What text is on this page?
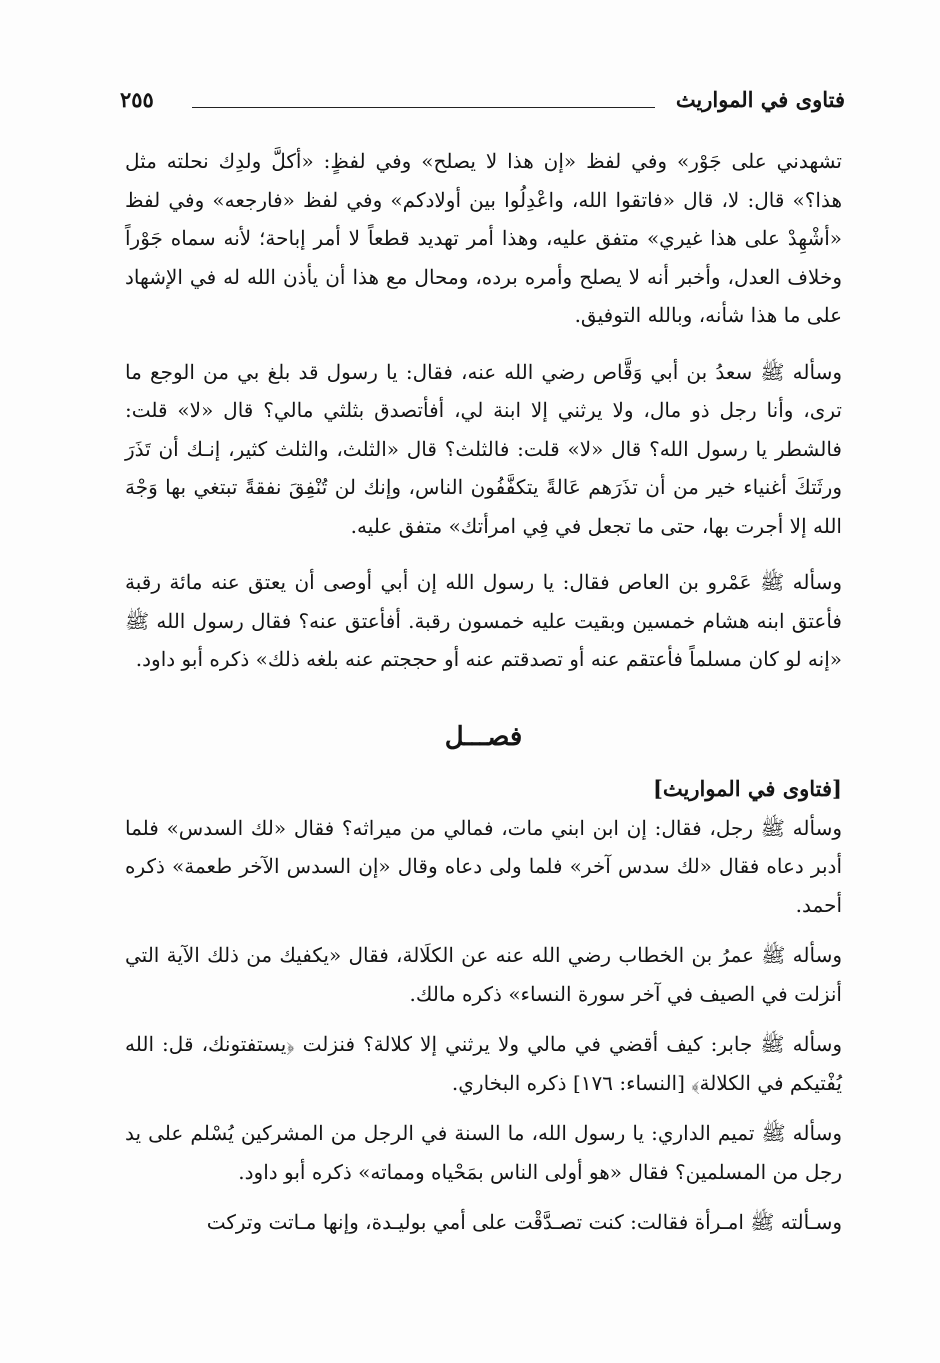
فتاوى في المواريث
٢٥٥

تشهدني على جَوْر» وفي لفظ «إن هذا لا يصلح» وفي لفظٍ: «أكلَّ ولدِك نحلته مثل هذا؟» قال: لا، قال «فاتقوا الله، واعْدِلُوا بين أولادكم» وفي لفظ «فارجعه» وفي لفظ «أشْهِدْ على هذا غيري» متفق عليه، وهذا أمر تهديد قطعاً لا أمر إباحة؛ لأنه سماه جَوْراً وخلاف العدل، وأخبر أنه لا يصلح وأمره برده، ومحال مع هذا أن يأذن الله له في الإشهاد على ما هذا شأنه، وبالله التوفيق.

وسأله ﷺ سعدُ بن أبي وَقَّاص رضي الله عنه، فقال: يا رسول قد بلغ بي من الوجع ما ترى، وأنا رجل ذو مال، ولا يرثني إلا ابنة لي، أفأتصدق بثلثي مالي؟ قال «لا» قلت: فالشطر يا رسول الله؟ قال «لا» قلت: فالثلث؟ قال «الثلث، والثلث كثير، إنـك أن تَذَرَ ورثَتكَ أغنياء خير من أن تذَرَهم عَالةً يتكفَّفُون الناس، وإنك لن تُنْفِقَ نفقةً تبتغي بها وَجْهَ الله إلا أجرت بها، حتى ما تجعل في فِي امرأتك» متفق عليه.

وسأله ﷺ عَمْرو بن العاص فقال: يا رسول الله إن أبي أوصى أن يعتق عنه مائة رقبة فأعتق ابنه هشام خمسين وبقيت عليه خمسون رقبة. أفأعتق عنه؟ فقال رسول الله ﷺ «إنه لو كان مسلماً فأعتقم عنه أو تصدقتم عنه أو حججتم عنه بلغه ذلك» ذكره أبو داود.

فصـــل
[فتاوى في المواريث]

وسأله ﷺ رجل، فقال: إن ابن ابني مات، فمالي من ميراثه؟ فقال «لك السدس» فلما أدبر دعاه فقال «لك سدس آخر» فلما ولى دعاه وقال «إن السدس الآخر طعمة» ذكره أحمد.

وسأله ﷺ عمرُ بن الخطاب رضي الله عنه عن الكلَالة، فقال «يكفيك من ذلك الآية التي أنزلت في الصيف في آخر سورة النساء» ذكره مالك.

وسأله ﷺ جابر: كيف أقضي في مالي ولا يرثني إلا كلالة؟ فنزلت ﴿يستفتونك، قل: الله يُفْتيكم في الكلالة﴾ [النساء: ١٧٦] ذكره البخاري.

وسأله ﷺ تميم الداري: يا رسول الله، ما السنة في الرجل من المشركين يُسْلم على يد رجل من المسلمين؟ فقال «هو أولى الناس بمَحْياه ومماته» ذكره أبو داود.

وسـألته ﷺ امـرأة فقالت: كنت تصـدَّقْت على أمي بوليـدة، وإنها مـاتت وتركت
